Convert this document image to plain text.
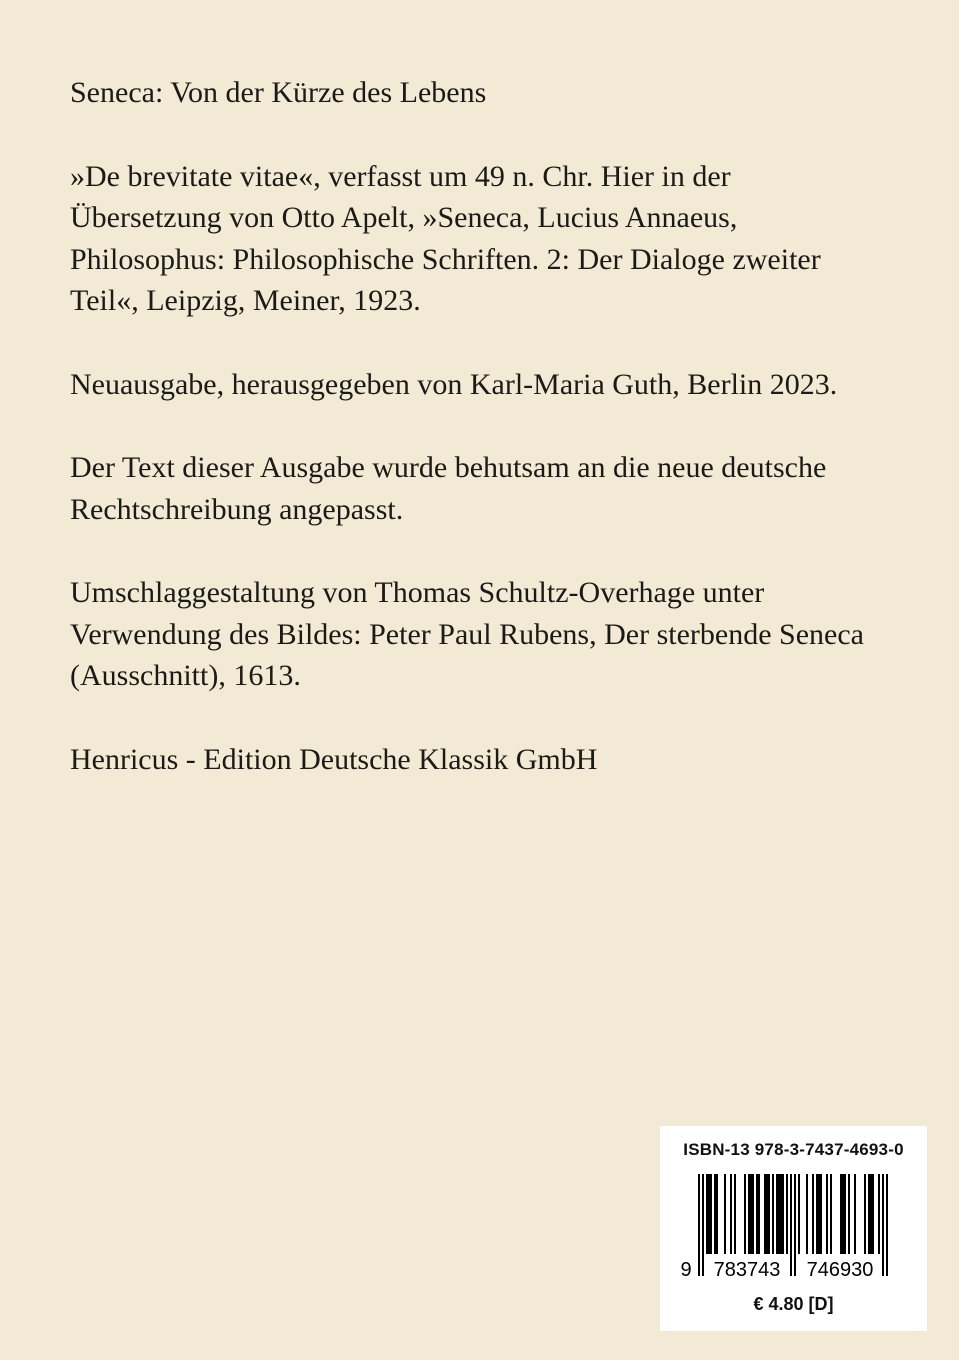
Seneca: Von der Kürze des Lebens

»De brevitate vitae«, verfasst um 49 n. Chr. Hier in der
Übersetzung von Otto Apelt, »Seneca, Lucius Annaeus,
Philosophus: Philosophische Schriften. 2: Der Dialoge zweiter
Teil«, Leipzig, Meiner, 1923.

Neuausgabe, herausgegeben von Karl-Maria Guth, Berlin 2023.

Der Text dieser Ausgabe wurde behutsam an die neue deutsche
Rechtschreibung angepasst.

Umschlaggestaltung von Thomas Schultz-Overhage unter
Verwendung des Bildes: Peter Paul Rubens, Der sterbende Seneca
(Ausschnitt), 1613.

Henricus - Edition Deutsche Klassik GmbH

ISBN-13 978-3-7437-4693-0
9 783743 746930
€ 4.80 [D]
